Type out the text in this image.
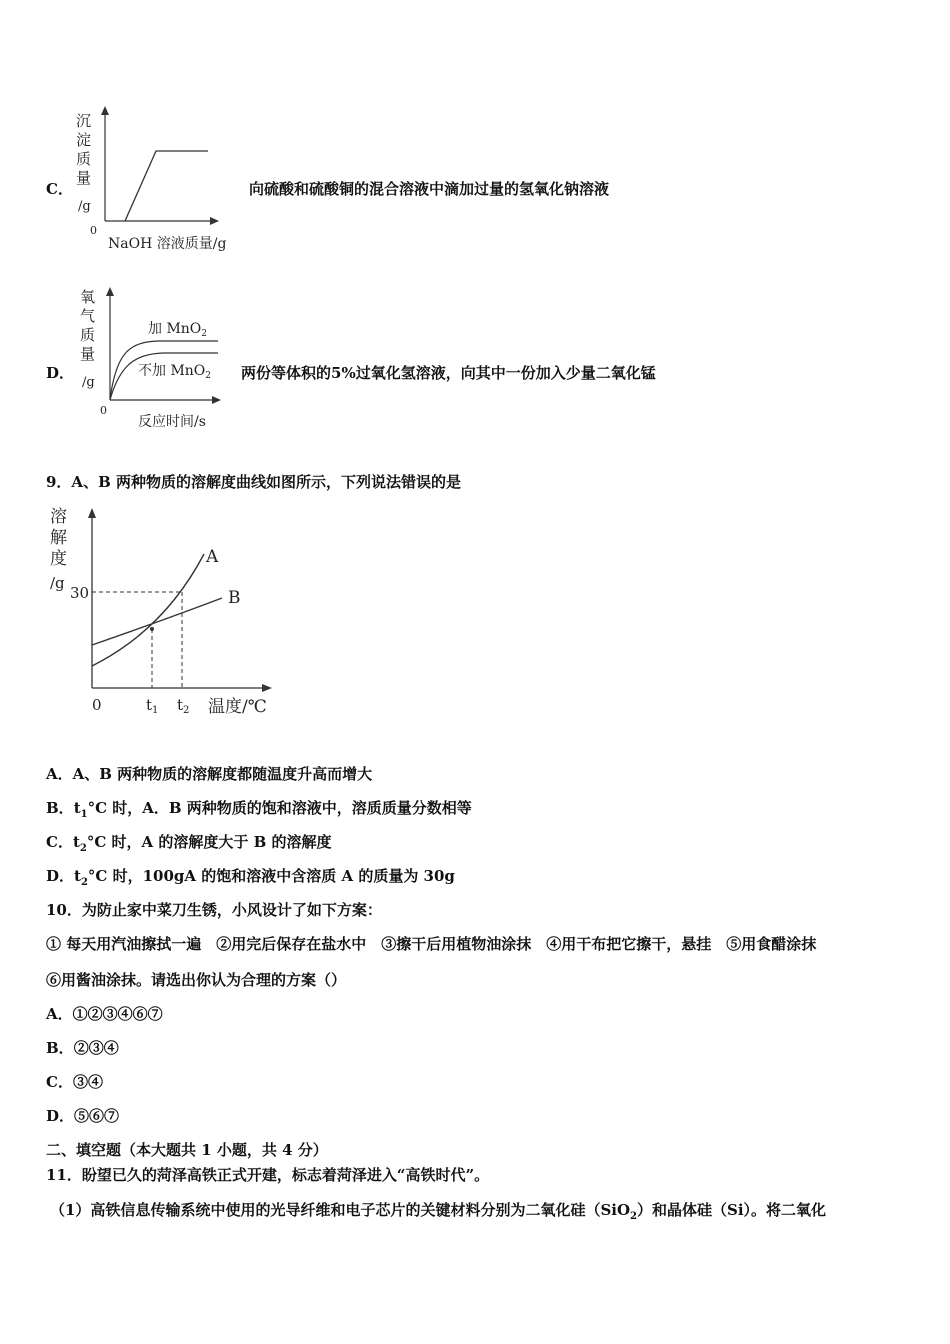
C．
沉
淀
质
量
/g
0
NaOH 溶液质量/g
向硫酸和硫酸铜的混合溶液中滴加过量的氢氧化钠溶液
D．
氧
气
质
量
/g
加 MnO$_2$
不加 MnO$_2$
0
反应时间/s
两份等体积的5%过氧化氢溶液，向其中一份加入少量二氧化锰
9．A、B 两种物质的溶解度曲线如图所示，下列说法错误的是
溶
解
度
/g
A
B
30
0	$t_1$ $t_2$ 温度/℃
A．A、B 两种物质的溶解度都随温度升高而增大
B．$t_1^\circ C$ 时，A．B 两种物质的饱和溶液中，溶质质量分数相等
C．$t_2^\circ C$ 时，A 的溶解度大于 B 的溶解度
D．$t_2^\circ C$ 时，100gA 的饱和溶液中含溶质 A 的质量为 30g
10．为防止家中菜刀生锈，小风设计了如下方案：
① 每天用汽油擦拭一遍　②用完后保存在盐水中　③擦干后用植物油涂抹　④用干布把它擦干，悬挂　⑤用食醋涂抹
⑥用酱油涂抹。请选出你认为合理的方案（）
A．①②③④⑥⑦
B．②③④
C．③④
D．⑤⑥⑦
二、填空题（本大题共 1 小题，共 4 分）
11．盼望已久的菏泽高铁正式开建，标志着菏泽进入“高铁时代”。
（1）高铁信息传输系统中使用的光导纤维和电子芯片的关键材料分别为二氧化硅（SiO$_2$）和晶体硅（Si）。将二氧化
